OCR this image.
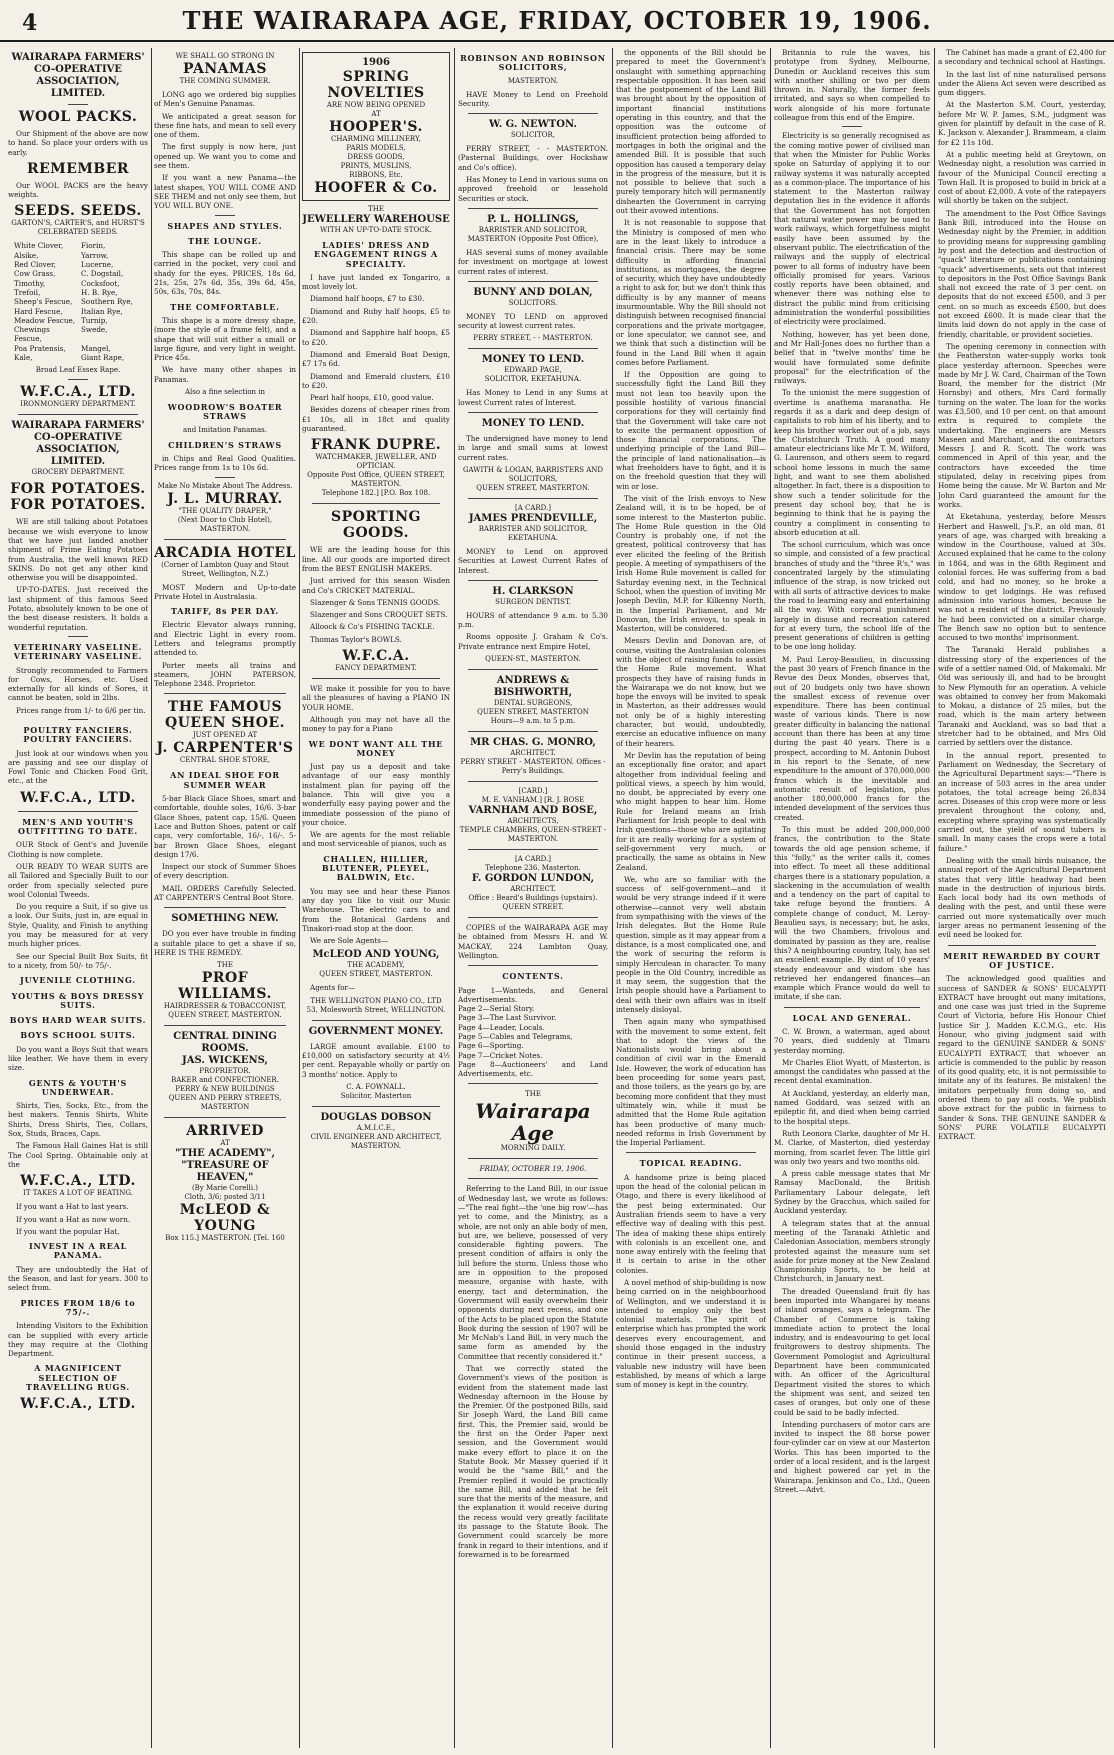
4	THE WAIRARAPA AGE, FRIDAY, OCTOBER 19, 1906.
WAIRARAPA FARMERS' CO-OPERATIVE ASSOCIATION, LIMITED.
WOOL PACKS.

Our Shipment of the above are now to hand. So place your orders with us early.

REMEMBER

Our WOOL PACKS are the heavy weights.

SEEDS. SEEDS.
GARTON'S, CARTER'S, and HURST'S CELEBRATED SEEDS.
White Clover,	Fiorin,
Alsike,	Yarrow,
Red Clover,	Lucerne,
Cow Grass,	C. Dogstail,
Timothy,	Cocksfoot,
Trefoil,	H. B. Rye,
Sheep's Fescue,	Southern Rye,
Hard Fescue,	Italian Rye,
Meadow Fescue, Turnip,
Chewings Fescue,
Swede,
Poa Pratensis,	Mangel,
Kale,	Giant Rape,
Broad Leaf Essex Rape.
W.F.C.A., LTD.
IRONMONGERY DEPARTMENT.
WAIRARAPA FARMERS' CO-OPERATIVE ASSOCIATION, LIMITED.
GROCERY DEPARTMENT.
FOR POTATOES.
FOR POTATOES.

WE are still talking about Potatoes because we wish everyone to know that we have just landed another shipment of Prime Eating Potatoes from Australia, the well known RED SKINS. Do not get any other kind otherwise you will be disappointed.

UP-TO-DATES. Just received the last shipment of this famous Seed Potato, absolutely known to be one of the best disease resisters. It holds a wonderful reputation.

VETERINARY VASELINE. VETERINARY VASELINE.

Strongly recommended to Farmers for Cows, Horses, etc. Used externally for all kinds of Sores, it cannot be beaten, sold in 2lbs.

Prices range from 1/- to 6/6 per tin.

POULTRY FANCIERS. POULTRY FANCIERS.

Just look at our windows when you are passing and see our display of Fowl Tonic and Chicken Food Grit, etc., at the

W.F.C.A., LTD.
MEN'S AND YOUTH'S OUTFITTING TO DATE.

OUR Stock of Gent's and Juvenile Clothing is now complete.

OUR READY TO WEAR SUITS are all Tailored and Specially Built to our order from specially selected pure wool Colonial Tweeds.

Do you require a Suit, if so give us a look. Our Suits, just in, are equal in Style, Quality, and Finish to anything you may be measured for at very much higher prices.

See our Special Built Box Suits, fit to a nicety, from 50/- to 75/-.

JUVENILE CLOTHING.
YOUTHS & BOYS DRESSY SUITS.
BOYS HARD WEAR SUITS.
BOYS SCHOOL SUITS.

Do you want a Boys Suit that wears like leather. We have them in every size.

GENTS & YOUTH'S UNDERWEAR.

Shirts, Ties, Socks, Etc., from the best makers. Tennis Shirts, White Shirts, Dress Shirts, Ties, Collars, Sox, Studs, Braces, Caps.

The Famous Hall Gaines Hat is still The Cool Spring. Obtainable only at the

W.F.C.A., LTD.
IT TAKES A LOT OF BEATING.

If you want a Hat to last years.

If you want a Hat as now worn.

If you want the popular Hat,

INVEST IN A REAL PANAMA.

They are undoubtedly the Hat of the Season, and last for years. 300 to select from.

PRICES FROM 18/6 to 75/-.

Intending Visitors to the Exhibition can be supplied with every article they may require at the Clothing Department.

A MAGNIFICENT SELECTION OF TRAVELLING RUGS.
W.F.C.A., LTD.
WE SHALL GO STRONG IN
PANAMAS
THE COMING SUMMER.

LONG ago we ordered big supplies of Men's Genuine Panamas.

We anticipated a great season for these fine hats, and mean to sell every one of them.

The first supply is now here, just opened up. We want you to come and see them.

If you want a new Panama—the latest shapes, YOU WILL COME AND SEE THEM and not only see them, but YOU WILL BUY ONE.

SHAPES AND STYLES.
THE LOUNGE.

This shape can be rolled up and carried in the pocket, very cool and shady for the eyes. PRICES, 18s 6d, 21s, 25s, 27s 6d, 35s, 39s 6d, 45s, 50s, 63s, 70s, 84s.

THE COMFORTABLE.

This shape is a more dressy shape, (more the style of a frame felt), and a shape that will suit either a small or large figure, and very light in weight. Price 45s.

We have many other shapes in Panamas.

Also a fine selection in
WOODROW'S BOATER STRAWS
and Imitation Panamas.
CHILDREN'S STRAWS

in Chips and Real Good Qualities. Prices range from 1s to 10s 6d.

Make No Mistake About The Address.
J. L. MURRAY.
"THE QUALITY DRAPER,"
(Next Door to Club Hotel), MASTERTON.
ARCADIA HOTEL
(Corner of Lambton Quay and Stout Street, Wellington, N.Z.)

MOST Modern and Up-to-date Private Hotel in Australasia.

TARIFF, 8s PER DAY.

Electric Elevator always running, and Electric Light in every room. Letters and telegrams promptly attended to.

Porter meets all trains and steamers, JOHN PATERSON, Telephone 2348. Proprietor.

THE FAMOUS QUEEN SHOE.
JUST OPENED AT
J. CARPENTER'S
CENTRAL SHOE STORE,
AN IDEAL SHOE FOR SUMMER WEAR

5-bar Black Glace Shoes, smart and comfortable, double soles, 16/6. 3-bar Glace Shoes, patent cap, 15/6. Queen Lace and Button Shoes, patent or calf caps, very comfortable, 16/-, 16/-. 5-bar Brown Glace Shoes, elegant design 17/6.

Inspect our stock of Summer Shoes of every description.

MAIL ORDERS Carefully Selected. AT CARPENTER'S Central Boot Store.

SOMETHING NEW.

DO you ever have trouble in finding a suitable place to get a shave if so, HERE IS THE REMEDY.

THE
PROF WILLIAMS.
HAIRDRESSER & TOBACCONIST,
QUEEN STREET, MASTERTON.
CENTRAL DINING ROOMS.
JAS. WICKENS,
PROPRIETOR.
BAKER and CONFECTIONER.
PERRY & NEW BUILDINGS
QUEEN AND PERRY STREETS,
MASTERTON
ARRIVED
AT
"THE ACADEMY",
"TREASURE OF HEAVEN,"
(By Marie Corelli.)
Cloth, 3/6; posted 3/11
McLEOD & YOUNG
Box 115.] MASTERTON. [Tel. 160
1906
SPRING
NOVELTIES
ARE NOW BEING OPENED
AT
HOOPER'S.
CHARMING MILLINERY,
PARIS MODELS,
DRESS GOODS,
PRINTS, MUSLINS,
RIBBONS, Etc.
HOOFER & Co.
THE
JEWELLERY WAREHOUSE
WITH AN UP-TO-DATE STOCK.
LADIES' DRESS AND ENGAGEMENT RINGS A SPECIALTY.

I have just landed ex Tongariro, a most lovely lot.

Diamond half hoops, £7 to £30.

Diamond and Ruby half hoops, £5 to £20.

Diamond and Sapphire half hoops, £5 to £20.

Diamond and Emerald Boat Design, £7 17s 6d.

Diamond and Emerald clusters, £10 to £20.

Pearl half hoops, £10, good value.

Besides dozens of cheaper rines from £1 10s, all in 18ct and quality guaranteed.

FRANK DUPRE.
WATCHMAKER, JEWELLER, AND OPTICIAN.
Opposite Post Office, QUEEN STREET, MASTERTON.
Telephone 182.] [P.O. Box 108.
SPORTING GOODS.

WE are the leading house for this line. All our goods are imported direct from the BEST ENGLISH MAKERS.

Just arrived for this season Wisden and Co's CRICKET MATERIAL.

Slazenger & Sons TENNIS GOODS.

Slazenger and Sons CROQUET SETS.

Alloock & Co's FISHING TACKLE.

Thomas Taylor's BOWLS.

W.F.C.A.
FANCY DEPARTMENT.

WE make it possible for you to have all the pleasures of having a PIANO IN YOUR HOME.

Although you may not have all the money to pay for a Piano

WE DONT WANT ALL THE MONEY

Just pay us a deposit and take advantage of our easy monthly instalment plan for paying off the balance. This will give you a wonderfully easy paying power and the immediate possession of the piano of your choice.

We are agents for the most reliable and most serviceable of pianos, such as

CHALLEN, HILLIER, BLUTENER, PLEYEL, BALDWIN, Etc.

You may see and hear these Pianos any day you like to visit our Music Warehouse. The electric cars to and from the Botanical Gardens and Tinakori-road stop at the door.

We are Sole Agents—

McLEOD AND YOUNG,
THE ACADEMY,
QUEEN STREET, MASTERTON.

Agents for—

THE WELLINGTON PIANO CO., LTD
53, Molesworth Street, WELLINGTON.
GOVERNMENT MONEY.

LARGE amount available. £100 to £10,000 on satisfactory security at 4½ per cent. Repayable wholly or partly on 3 months' notice. Apply to

C. A. FOWNALL.
Solicitor, Masterton
DOUGLAS DOBSON
A.M.I.C.E.,
CIVIL ENGINEER AND ARCHITECT,
MASTERTON.
ROBINSON AND ROBINSON SOLICITORS,
MASTERTON.

HAVE Money to Lend on Freehold Security.

W. G. NEWTON.
SOLICITOR,

PERRY STREET, - - MASTERTON. (Pasternal Buildings, over Hockshaw and Co's office).

Has Money to Lend in various sums on approved freehold or leasehold Securities or stock.

P. L. HOLLINGS,
BARRISTER AND SOLICITOR,
MASTERTON (Opposite Post Office),

HAS several sums of money available for investment on mortgage at lowest current rates of interest.

BUNNY AND DOLAN,
SOLICITORS.

MONEY TO LEND on approved security at lowest current rates.

PERRY STREET, - - MASTERTON.
MONEY TO LEND.
EDWARD PAGE,
SOLICITOR, EKETAHUNA.

Has Money to Lend in any Sums at lowest Current rates of Interest.

MONEY TO LEND.

The undersigned have money to lend in large and small sums at lowest current rates.

GAWITH & LOGAN, BARRISTERS AND SOLICITORS,
QUEEN STREET, MASTERTON.
[A CARD.]
JAMES PRENDEVILLE,
BARRISTER AND SOLICITOR,
EKETAHUNA.

MONEY to Lend on approved Securities at Lowest Current Rates of Interest.

H. CLARKSON
SURGEON DENTIST.

HOURS of attendance 9 a.m. to 5.30 p.m.

Rooms opposite J. Graham & Co's. Private entrance next Empire Hotel,

QUEEN-ST., MASTERTON.
ANDREWS & BISHWORTH,
DENTAL SURGEONS,
QUEEN STREET, MASTERTON
Hours—9 a.m. to 5 p.m.
MR CHAS. G. MONRO,
ARCHITECT.
PERRY STREET - MASTERTON. Offices - Perry's Buildings.
[CARD.]
M. E. VANHAM.] [R. J. BOSE
VARNHAM AND BOSE,
ARCHITECTS,
TEMPLE CHAMBERS, QUEEN-STREET - MASTERTON.
[A CARD.]
Telephone 236. Masterton.
F. GORDON LUNDON,
ARCHITECT.
Office : Beard's Buildings (upstairs). QUEEN STREET.

COPIES of the WAIRARAPA AGE may be obtained from Messrs H. and W. MACKAY, 224 Lambton Quay, Wellington.

CONTENTS.
Page 1—Wanteds, and General Advertisements.
Page 2—Serial Story.
Page 3—The Last Survivor.
Page 4—Leader, Locals.
Page 5—Cables and Telegrams,
Page 6—Sporting.
Page 7—Cricket Notes.
Page 8—Auctioneers' and Land Advertisements, etc.
THE
Wairarapa Age
MORNING DAILY.
FRIDAY, OCTOBER 19, 1906.

Referring to the Land Bill, in our issue of Wednesday last, we wrote as follows:—"The real fight—the 'one big row'—has yet to come, and the Ministry, as a whole, are not only an able body of men, but are, we believe, possessed of very considerable fighting powers. The present condition of affairs is only the lull before the storm. Unless those who are in opposition to the proposed measure, organise with haste, with energy, tact and determination, the Government will easily overwhelm their opponents during next recess, and one of the Acts to be placed upon the Statute Book during the session of 1907 will be Mr McNab's Land Bill, in very much the same form as amended by the Committee that recently considered it."

That we correctly stated the Government's views of the position is evident from the statement made last Wednesday afternoon in the House by the Premier. Of the postponed Bills, said Sir Joseph Ward, the Land Bill came first. This, the Premier said, would be the first on the Order Paper next session, and the Government would make every effort to place it on the Statute Book. Mr Massey queried if it would be the "same Bill," and the Premier replied it would be practically the same Bill, and added that he felt sure that the merits of the measure, and the explanation it would receive during the recess would very greatly facilitate its passage to the Statute Book. The Government could scarcely be more frank in regard to their intentions, and if forewarned is to be forearmed

the opponents of the Bill should be prepared to meet the Government's onslaught with something approaching respectable opposition. It has been said that the postponement of the Land Bill was brought about by the opposition of important financial institutions operating in this country, and that the opposition was the outcome of insufficient protection being afforded to mortgages in both the original and the amended Bill. It is possible that such opposition has caused a temporary delay in the progress of the measure, but it is not possible to believe that such a purely temporary hitch will permanently dishearten the Government in carrying out their avowed intentions.

It is not reasonable to suppose that the Ministry is composed of men who are in the least likely to introduce a financial crisis. There may be some difficulty in affording financial institutions, as mortgagees, the degree of security, which they have undoubtedly a right to ask for, but we don't think this difficulty is by any manner of means insurmountable. Why the Bill should not distinguish between recognised financial corporations and the private mortgagee, or lone speculator, we cannot see, and we think that such a distinction will be found in the Land Bill when it again comes before Parliament.

If the Opposition are going to successfully fight the Land Bill they must not lean too heavily upon the possible hostility of various financial corporations for they will certainly find that the Government will take care not to excite the permanent opposition of those financial corporations. The underlying principle of the Land Bill—the principle of land nationalisation—is what freeholders have to fight, and it is on the freehold question that they will win or lose.

The visit of the Irish envoys to New Zealand will, it is to be hoped, be of some interest to the Masterton public. The Home Rule question in the Old Country is probably one, if not the greatest, political controversy that has ever elicited the feeling of the British people. A meeting of sympathisers of the Irish Home Rule movement is called for Saturday evening next, in the Technical School, when the question of inviting Mr Joseph Devlin, M.P. for Kilkenny North, in the Imperial Parliament, and Mr Donovan, the Irish envoys, to speak in Masterton, will be considered.

Messrs Devlin and Donovan are, of course, visiting the Australasian colonies with the object of raising funds to assist the Home Rule movement. What prospects they have of raising funds in the Wairarapa we do not know, but we hope the envoys will be invited to speak in Masterton, as their addresses would not only be of a highly interesting character, but would, undoubtedly, exercise an educative influence on many of their hearers.

Mr Devlin has the reputation of being an exceptionally fine orator, and apart altogether from individual feeling and political views, a speech by him would, no doubt, be appreciated by every one who might happen to hear him. Home Rule for Ireland means an Irish Parliament for Irish people to deal with Irish questions—those who are agitating for it are really working for a system of self-government very much, or practically, the same as obtains in New Zealand.

We, who are so familiar with the success of self-government—and it would be very strange indeed if it were otherwise—cannot very well abstain from sympathising with the views of the Irish delegates. But the Home Rule question, simple as it may appear from a distance, is a most complicated one, and the work of securing the reform is simply Herculean in character. To many people in the Old Country, incredible as it may seem, the suggestion that the Irish people should have a Parliament to deal with their own affairs was in itself intensely disloyal.

Then again many who sympathised with the movement to some extent, felt that to adopt the views of the Nationalists would bring about a condition of civil war in the Emerald Isle. However, the work of education has been proceeding for some years past, and those toilers, as the years go by, are becoming more confident that they must ultimately win, while it must be admitted that the Home Rule agitation has been productive of many much-needed reforms in Irish Government by the Imperial Parliament.

TOPICAL READING.

A handsome prize is being placed upon the head of the colonial pelican in Otago, and there is every likelihood of the pest being exterminated. Our Australian friends seem to have a very effective way of dealing with this pest. The idea of making these ships entirely with colonials is an excellent one, and none away entirely with the feeling that it is certain to arise in the other colonies.

A novel method of ship-building is now being carried on in the neighbourhood of Wellington, and we understand it is intended to employ only the best colonial materials. The spirit of enterprise which has prompted the work deserves every encouragement, and should those engaged in the industry continue in their present success, a valuable new industry will have been established, by means of which a large sum of money is kept in the country.

Britannia to rule the waves, his prototype from Sydney, Melbourne, Dunedin or Auckland receives this sum with another shilling or two per diem thrown in. Naturally, the former feels irritated, and says so when compelled to work alongside of his more fortunate colleague from this end of the Empire.

Electricity is so generally recognised as the coming motive power of civilised man that when the Minister for Public Works spoke on Saturday of applying it to our railway systems it was naturally accepted as a common-place. The importance of his statement to the Masterton railway deputation lies in the evidence it affords that the Government has not forgotten that natural water power may be used to work railways, which forgetfulness might easily have been assumed by the observant public. The electrification of the railways and the supply of electrical power to all forms of industry have been officially promised for years. Various costly reports have been obtained, and whenever there was nothing else to distract the public mind from criticising administration the wonderful possibilities of electricity were proclaimed.

Nothing, however, has yet been done, and Mr Hall-Jones does no further than a belief that in "twelve months' time he would have formulated some definite proposal" for the electrification of the railways.

To the unionist the mere suggestion of overtime is anathema maranatha. He regards it as a dark and deep design of capitalists to rob him of his liberty, and to keep his brother worker out of a job, says the Christchurch Truth. A good many amateur electricians like Mr T. M. Wilford, G. Laurenson, and others seem to regard school home lessons in much the same light, and want to see them abolished altogether. In fact, there is a disposition to show such a tender solicitude for the present day school boy, that he is beginning to think that he is paying the country a compliment in consenting to absorb education at all.

The school curriculum, which was once so simple, and consisted of a few practical branches of study and the "three R's," was concentrated largely by the stimulating influence of the strap, is now tricked out with all sorts of attractive devices to make the road to learning easy and entertaining all the way. With corporal punishment largely in disuse and recreation catered for at every turn, the school life of the present generations of children is getting to be one long holiday.

M. Paul Leroy-Beaulieu, in discussing the past 30 years of French finance in the Revue des Deux Mondes, observes that, out of 20 budgets only two have shown the smallest excess of revenue over expenditure. There has been continual waste of various kinds. There is now greater difficulty in balancing the national account than there has been at any time during the past 40 years. There is a prospect, according to M. Antonin Dubost in his report to the Senate, of new expenditure to the amount of 370,000,000 francs which is the inevitable and automatic result of legislation, plus another 180,000,000 francs for the intended development of the services thus created.

To this must be added 200,000,000 francs, the contribution to the State towards the old age pension scheme, if this "folly," as the writer calls it, comes into effect. To meet all these additional charges there is a stationary population, a slackening in the accumulation of wealth and a tendency on the part of capital to take refuge beyond the frontiers. A complete change of conduct, M. Leroy-Beaulieu says, is necessary; but, he asks, will the two Chambers, frivolous and dominated by passion as they are, realise this? A neighbouring country, Italy, has set an excellent example. By dint of 10 years' steady endeavour and wisdom she has retrieved her endangered finances—an example which France would do well to imitate, if she can.

LOCAL AND GENERAL.

C. W. Brown, a waterman, aged about 70 years, died suddenly at Timaru yesterday morning.

Mr Charles Eliot Wyatt, of Masterton, is amongst the candidates who passed at the recent dental examination.

At Auckland, yesterday, an elderly man, named Goddard, was seized with an epileptic fit, and died when being carried to the hospital steps.

Ruth Leonora Clarke, daughter of Mr H. M. Clarke, of Masterton, died yesterday morning, from scarlet fever. The little girl was only two years and two months old.

A press cable message states that Mr Ramsay MacDonald, the British Parliamentary Labour delegate, left Sydney by the Gracchus, which sailed for Auckland yesterday.

A telegram states that at the annual meeting of the Taranaki Athletic and Caledonian Association, members strongly protested against the measure sum set aside for prize money at the New Zealand Championship Sports, to be held at Christchurch, in January next.

The dreaded Queensland fruit fly has been imported into Whangarei by means of island oranges, says a telegram. The Chamber of Commerce is taking immediate action to protect the local industry, and is endeavouring to get local fruitgrowers to destroy shipments. The Government Pomologist and Agricultural Department have been communicated with. An officer of the Agricultural Department visited the stores to which the shipment was sent, and seized ten cases of oranges, but only one of these could be said to be badly infected.

Intending purchasers of motor cars are invited to inspect the 88 horse power four-cylinder car on view at our Masterton Works. This has been imported to the order of a local resident, and is the largest and highest powered car yet in the Wairarapa. Jenkinson and Co., Ltd., Queen Street.—Advt.

The Cabinet has made a grant of £2,400 for a secondary and technical school at Hastings.

In the last list of nine naturalised persons under the Aliens Act seven were described as gum diggers.

At the Masterton S.M. Court, yesterday, before Mr W. P. James, S.M., judgment was given for plaintiff by default in the case of R. K. Jackson v. Alexander J. Brammeam, a claim for £2 11s 10d.

At a public meeting held at Greytown, on Wednesday night, a resolution was carried in favour of the Municipal Council erecting a Town Hall. It is proposed to build in brick at a cost of about £2,000. A vote of the ratepayers will shortly be taken on the subject.

The amendment to the Post Office Savings Bank Bill, introduced into the House on Wednesday night by the Premier, in addition to providing means for suppressing gambling by post and the detection and destruction of "quack" literature or publications containing "quack" advertisements, sets out that interest to depositors in the Post Office Savings Bank shall not exceed the rate of 3 per cent. on deposits that do not exceed £500, and 3 per cent. on so much as exceeds £500, but does not exceed £600. It is made clear that the limits laid down do not apply in the case of friendly, charitable, or provident societies.

The opening ceremony in connection with the Featherston water-supply works took place yesterday afternoon. Speeches were made by Mr J. W. Card, Chairman of the Town Board, the member for the district (Mr Hornsby) and others, Mrs Card formally turning on the water. The loan for the works was £3,500, and 10 per cent. on that amount extra is required to complete the undertaking. The engineers are Messrs Maseen and Marchant, and the contractors Messrs J. and R. Scott. The work was commenced in April of this year, and the contractors have exceeded the time stipulated, delay in receiving pipes from Home being the cause. Mr W. Barton and Mr John Card guaranteed the amount for the works.

At Eketahuna, yesterday, before Messrs Herbert and Haswell, J's.P., an old man, 81 years of age, was charged with breaking a window in the Courthouse, valued at 30s. Accused explained that he came to the colony in 1864, and was in the 68th Regiment and colonial forces. He was suffering from a bad cold, and had no money, so he broke a window to get lodgings. He was refused admission into various homes, because he was not a resident of the district. Previously he had been convicted on a similar charge. The Bench saw no option but to sentence accused to two months' imprisonment.

The Taranaki Herald publishes a distressing story of the experiences of the wife of a settler named Old, of Makomaki. Mr Old was seriously ill, and had to be brought to New Plymouth for an operation. A vehicle was obtained to convey her from Makomaki to Mokau, a distance of 25 miles, but the road, which is the main artery between Taranaki and Auckland, was so bad that a stretcher had to be obtained, and Mrs Old carried by settlers over the distance.

In the annual report, presented to Parliament on Wednesday, the Secretary of the Agricultural Department says:—"There is an increase of 503 acres in the area under potatoes, the total acreage being 26,834 acres. Diseases of this crop were more or less prevalent throughout the colony, and, excepting where spraying was systematically carried out, the yield of sound tubers is small. In many cases the crops were a total failure."

Dealing with the small birds nuisance, the annual report of the Agricultural Department states that very little headway had been made in the destruction of injurious birds. Each local body had its own methods of dealing with the pest, and until these were carried out more systematically over much larger areas no permanent lessening of the evil need be looked for.

MERIT REWARDED BY COURT OF JUSTICE.

The acknowledged good qualities and success of SANDER & SONS' EUCALYPTI EXTRACT have brought out many imitations, and one case was just tried in the Supreme Court of Victoria, before His Honour Chief Justice Sir J. Madden K.C.M.G., etc. His Honour, who giving judgment said with regard to the GENUINE SANDER & SONS' EUCALYPTI EXTRACT, that whoever an article is commended to the public by reason of its good quality, etc, it is not permissible to imitate any of its features. Be mistaken! the imitators perpetually from doing so, and ordered them to pay all costs. We publish above extract for the public in fairness to Sander & Sons. THE GENUINE SANDER & SONS' PURE VOLATILE EUCALYPTI EXTRACT.
